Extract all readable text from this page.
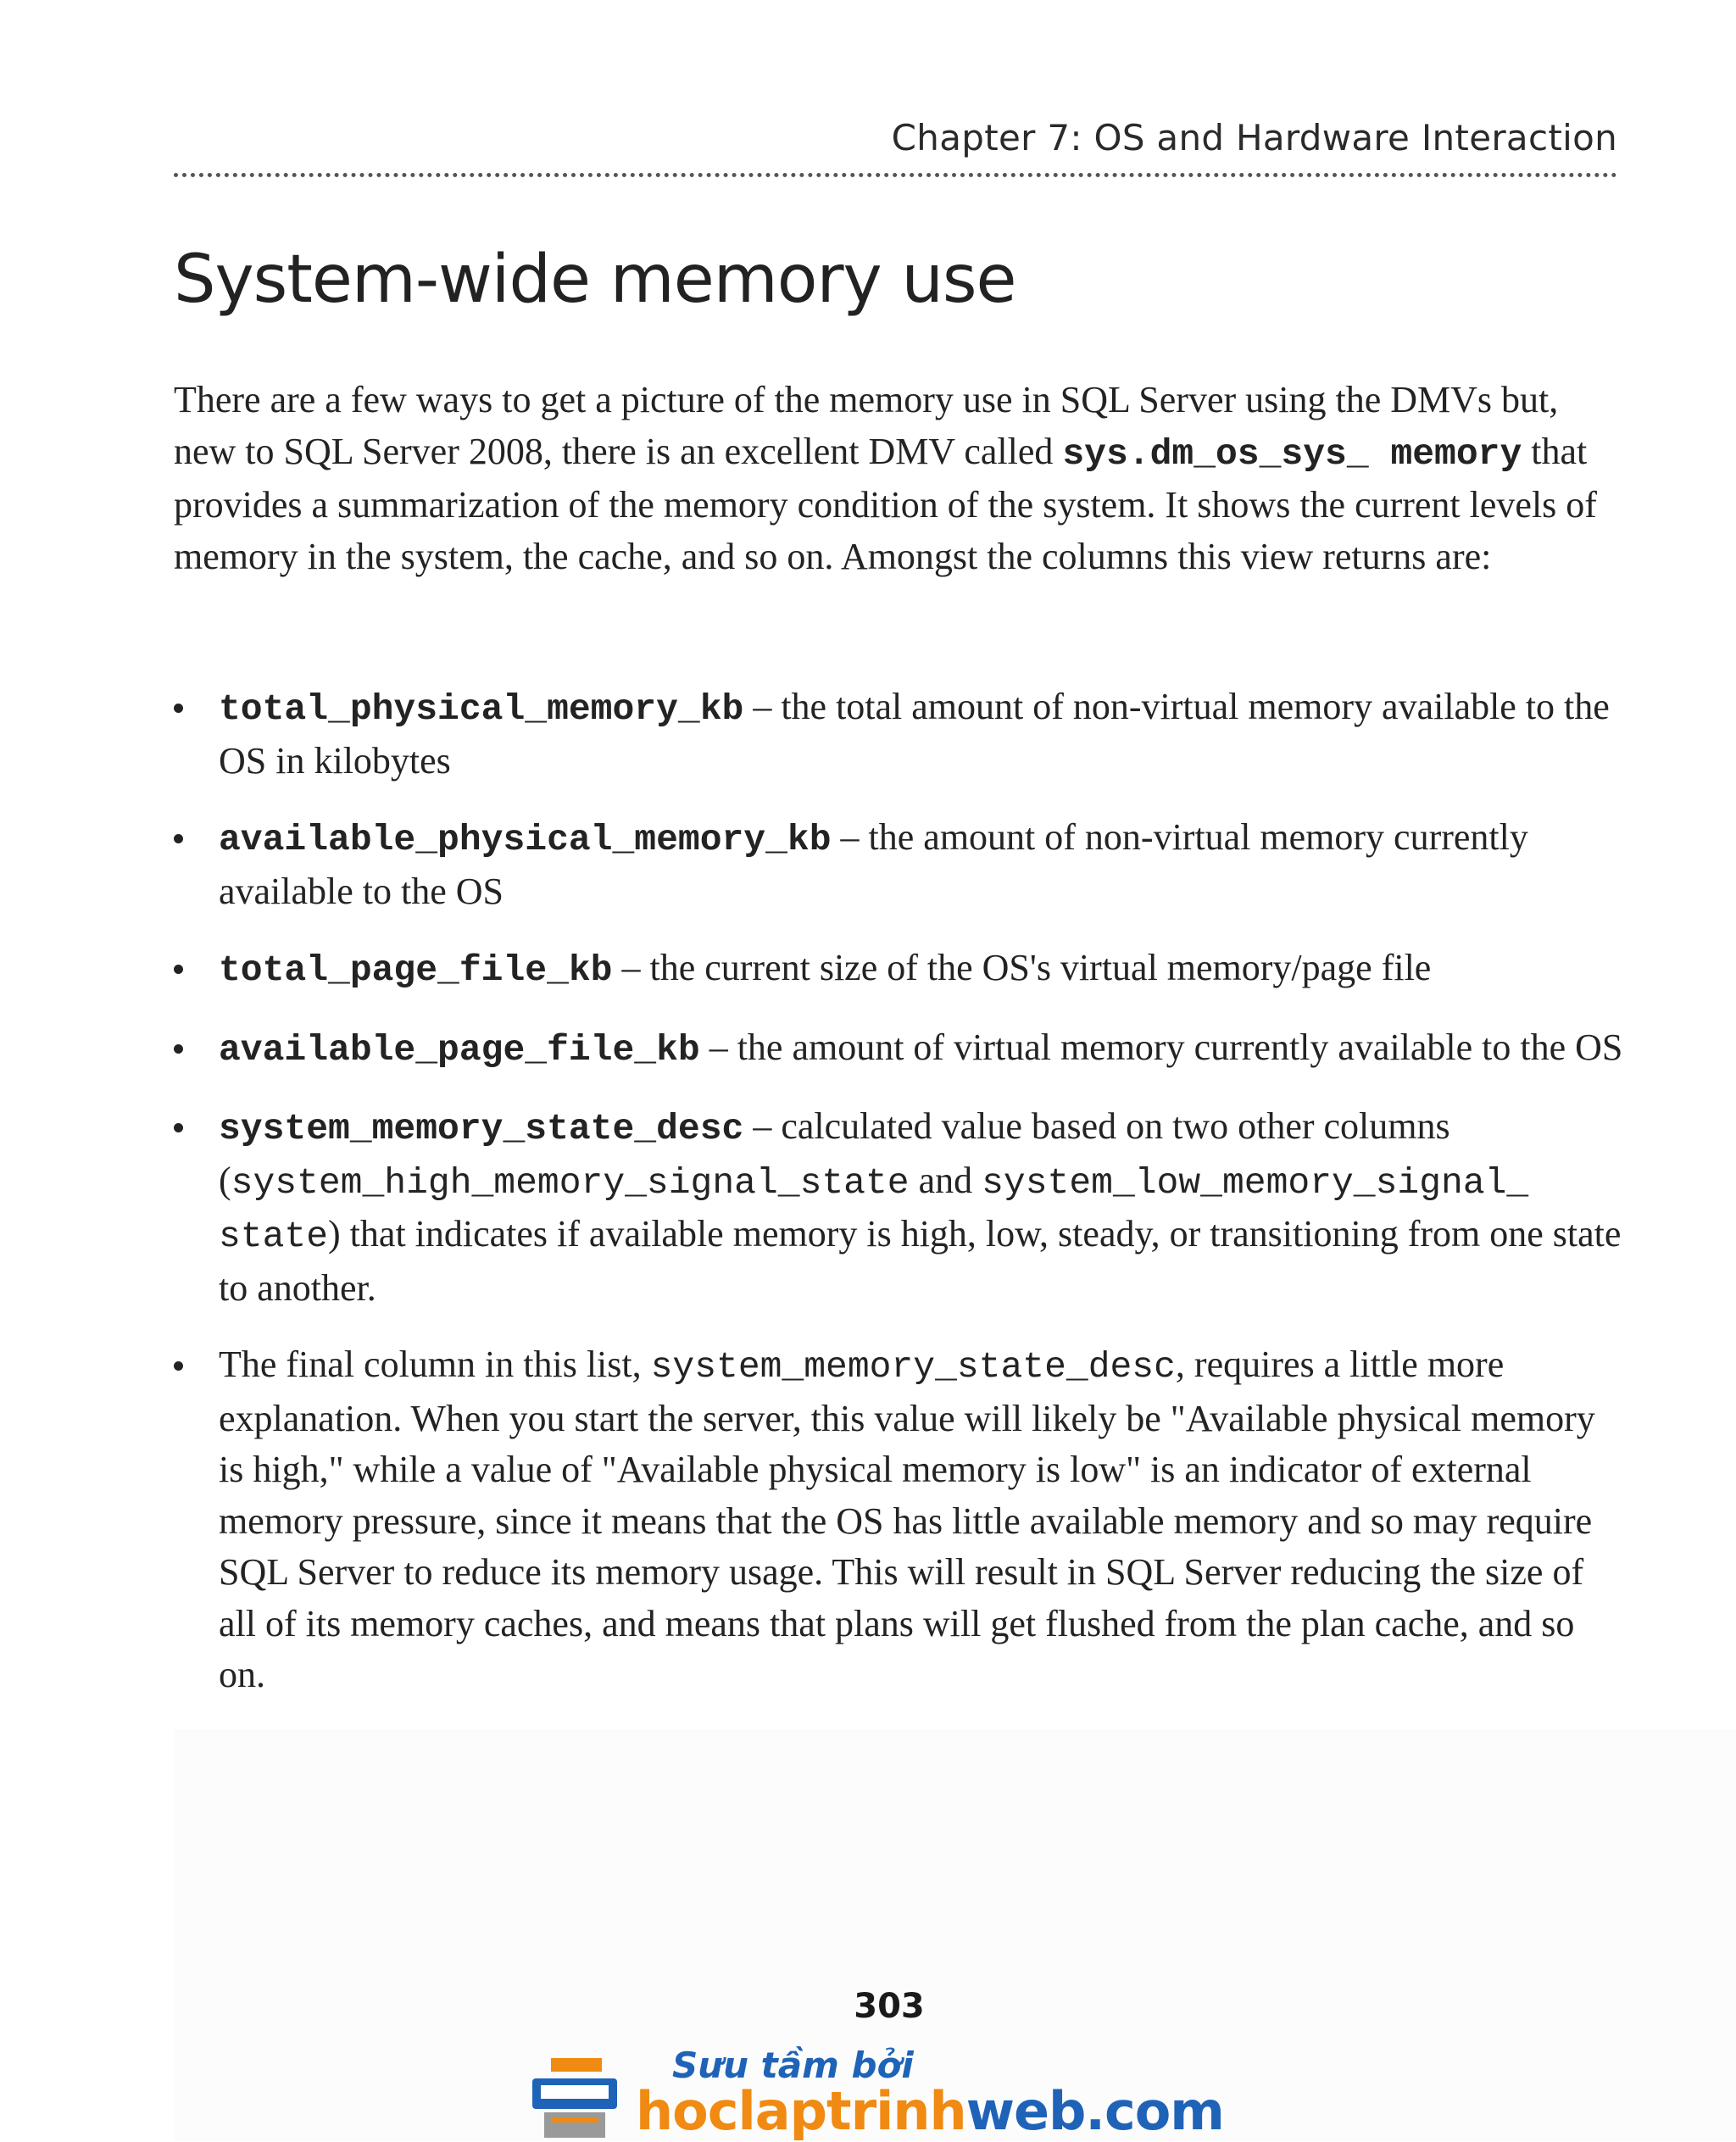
Chapter 7: OS and Hardware Interaction
System-wide memory use

There are a few ways to get a picture of the memory use in SQL Server using the DMVs but, new to SQL Server 2008, there is an excellent DMV called sys.dm_os_sys_ memory that provides a summarization of the memory condition of the system. It shows the current levels of memory in the system, the cache, and so on. Amongst the columns this view returns are:

total_physical_memory_kb – the total amount of non-virtual memory available to the OS in kilobytes
available_physical_memory_kb – the amount of non-virtual memory currently available to the OS
total_page_file_kb – the current size of the OS's virtual memory/page file
available_page_file_kb – the amount of virtual memory currently available to the OS
system_memory_state_desc – calculated value based on two other columns (system_high_memory_signal_state and system_low_memory_signal_ state) that indicates if available memory is high, low, steady, or transitioning from one state to another.
The final column in this list, system_memory_state_desc, requires a little more explanation. When you start the server, this value will likely be "Available physical memory is high," while a value of "Available physical memory is low" is an indicator of external memory pressure, since it means that the OS has little available memory and so may require SQL Server to reduce its memory usage. This will result in SQL Server reducing the size of all of its memory caches, and means that plans will get flushed from the plan cache, and so on.
303
Sưu tầm bởi
hoclaptrinhweb.com
